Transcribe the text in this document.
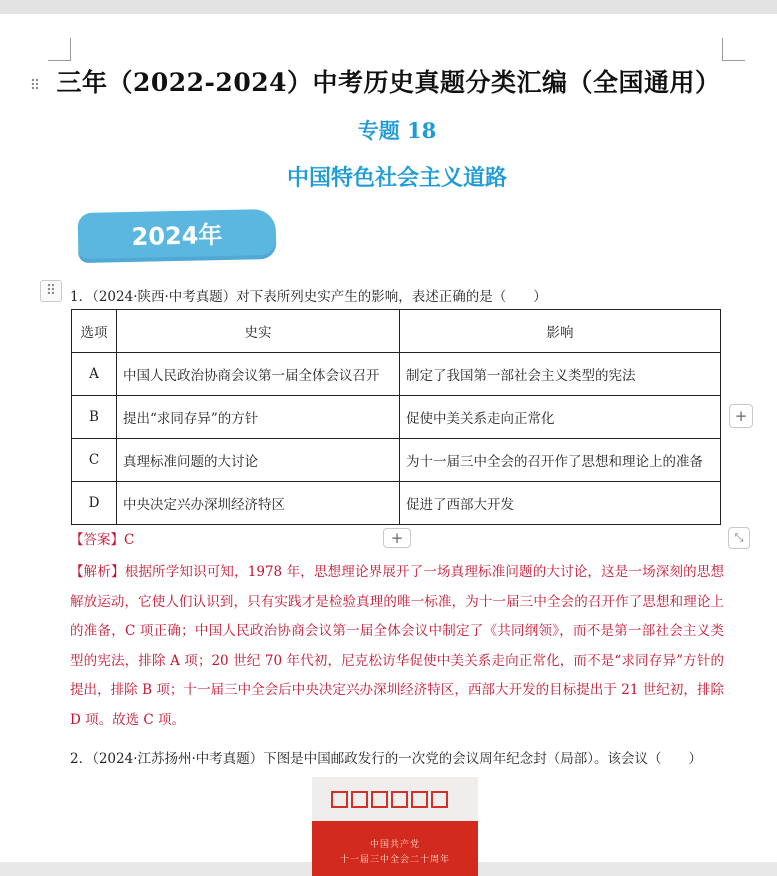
⠿ 三年（2022-2024）中考历史真题分类汇编（全国通用）
专题 18
中国特色社会主义道路
2024年
⠿	1．（2024·陕西·中考真题）对下表所列史实产生的影响，表述正确的是（　　）
选项	史实	影响
A	中国人民政治协商会议第一届全体会议召开	制定了我国第一部社会主义类型的宪法
B	提出“求同存异”的方针	促使中美关系走向正常化
C	真理标准问题的大讨论	为十一届三中全会的召开作了思想和理论上的准备
D	中央决定兴办深圳经济特区	促进了西部大开发
+
+	⤡
【答案】C
【解析】根据所学知识可知，1978 年，思想理论界展开了一场真理标准问题的大讨论，这是一场深刻的思想解放运动，它使人们认识到，只有实践才是检验真理的唯一标准，为十一届三中全会的召开作了思想和理论上的准备，C 项正确；中国人民政治协商会议第一届全体会议中制定了《共同纲领》，而不是第一部社会主义类型的宪法，排除 A 项；20 世纪 70 年代初，尼克松访华促使中美关系走向正常化，而不是“求同存异”方针的提出，排除 B 项；十一届三中全会后中央决定兴办深圳经济特区，西部大开发的目标提出于 21 世纪初，排除 D 项。故选 C 项。
2．（2024·江苏扬州·中考真题）下图是中国邮政发行的一次党的会议周年纪念封（局部）。该会议（　　）
中国共产党
十一届三中全会二十周年
